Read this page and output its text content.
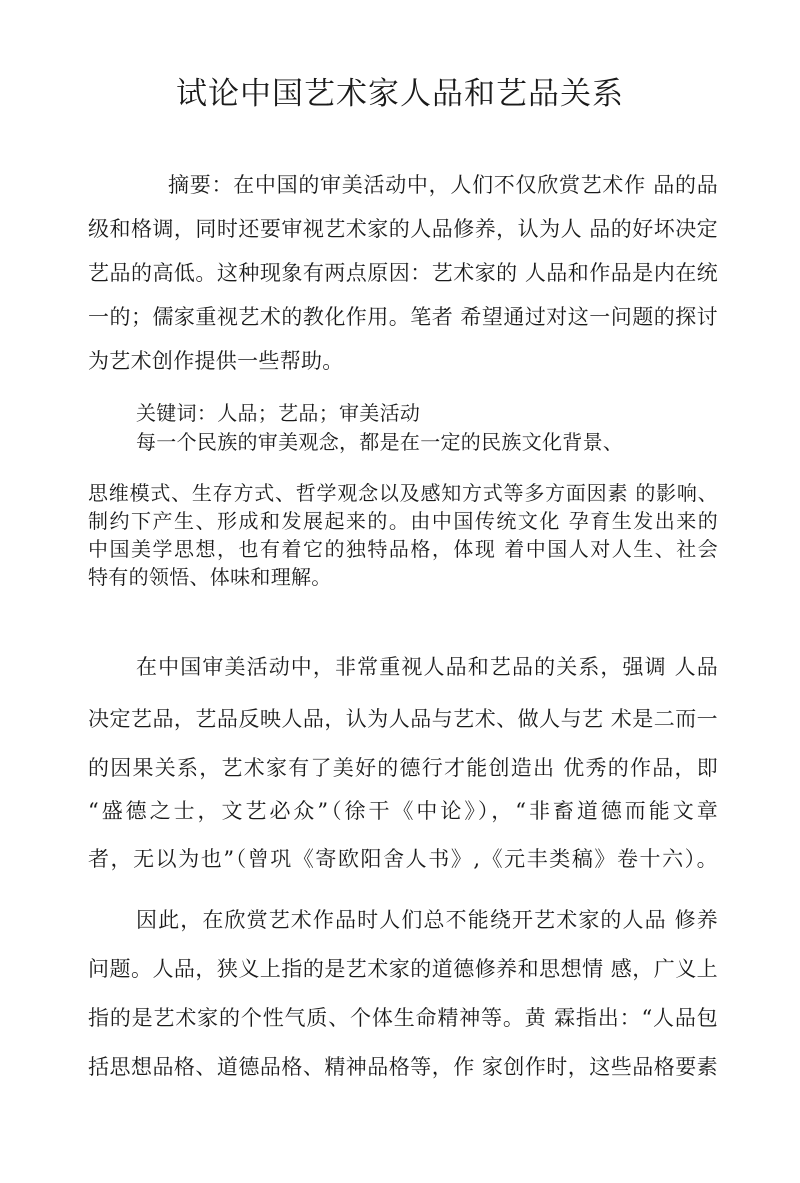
试论中国艺术家人品和艺品关系
摘要：在中国的审美活动中，人们不仅欣赏艺术作 品的品
级和格调，同时还要审视艺术家的人品修养，认为人 品的好坏决定
艺品的高低。这种现象有两点原因：艺术家的 人品和作品是内在统
一的；儒家重视艺术的教化作用。笔者 希望通过对这一问题的探讨
为艺术创作提供一些帮助。
关键词：人品；艺品；审美活动
每一个民族的审美观念，都是在一定的民族文化背景、
思维模式、生存方式、哲学观念以及感知方式等多方面因素 的影响、
制约下产生、形成和发展起来的。由中国传统文化 孕育生发出来的
中国美学思想，也有着它的独特品格，体现 着中国人对人生、社会
特有的领悟、体味和理解。
在中国审美活动中，非常重视人品和艺品的关系，强调 人品
决定艺品，艺品反映人品，认为人品与艺术、做人与艺 术是二而一
的因果关系，艺术家有了美好的德行才能创造出 优秀的作品，即
“盛德之士，文艺必众”（徐干《中论》），“非畜道德而能文章
者，无以为也”（曾巩《寄欧阳舍人书》,《元丰类稿》卷十六）。
因此，在欣赏艺术作品时人们总不能绕开艺术家的人品 修养
问题。人品，狭义上指的是艺术家的道德修养和思想情 感，广义上
指的是艺术家的个性气质、个体生命精神等。黄 霖指出：“人品包
括思想品格、道德品格、精神品格等，作 家创作时，这些品格要素
